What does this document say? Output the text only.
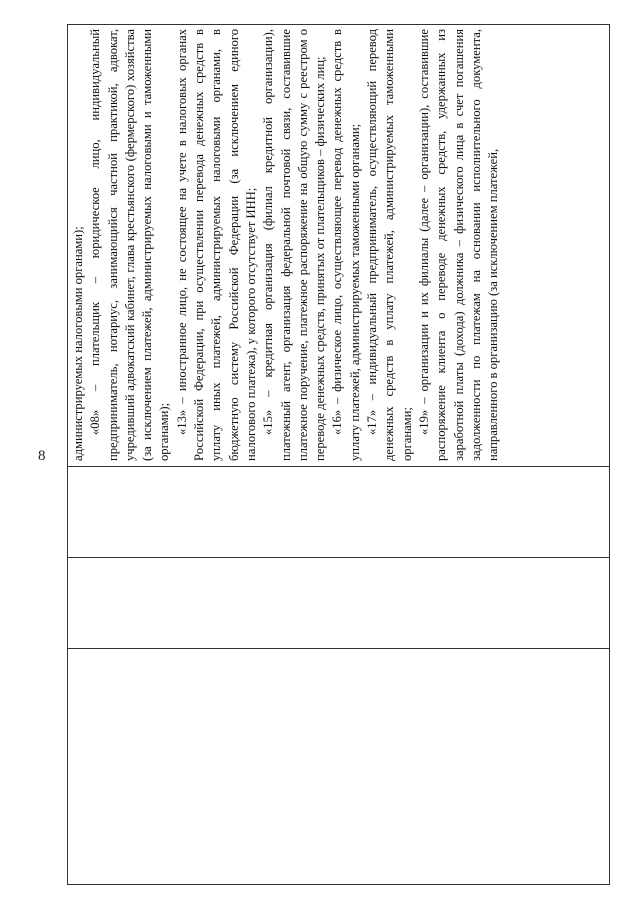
8
			администрируемых налоговыми органами); «08» – плательщик – юридическое лицо, индивидуальный предприниматель, нотариус, занимающийся частной практикой, адвокат, учредивший адвокатский кабинет, глава крестьянского (фермерского) хозяйства (за исключением платежей, администрируемых налоговыми и таможенными органами); «13» – иностранное лицо, не состоящее на учете в налоговых органах Российской Федерации, при осуществлении перевода денежных средств в уплату иных платежей, администрируемых налоговыми органами, в бюджетную систему Российской Федерации (за исключением единого налогового платежа), у которого отсутствует ИНН; «15» – кредитная организация (филиал кредитной организации), платежный агент, организация федеральной почтовой связи, составившие платежное поручение, платежное распоряжение на общую сумму с реестром о переводе денежных средств, принятых от плательщиков – физических лиц; «16» – физическое лицо, осуществляющее перевод денежных средств в уплату платежей, администрируемых таможенными органами; «17» – индивидуальный предприниматель, осуществляющий перевод денежных средств в уплату платежей, администрируемых таможенными органами; «19» – организации и их филиалы (далее – организации), составившие распоряжение клиента о переводе денежных средств, удержанных из заработной платы (дохода) должника – физического лица в счет погашения задолженности по платежам на основании исполнительного документа, направленного в организацию (за исключением платежей,
